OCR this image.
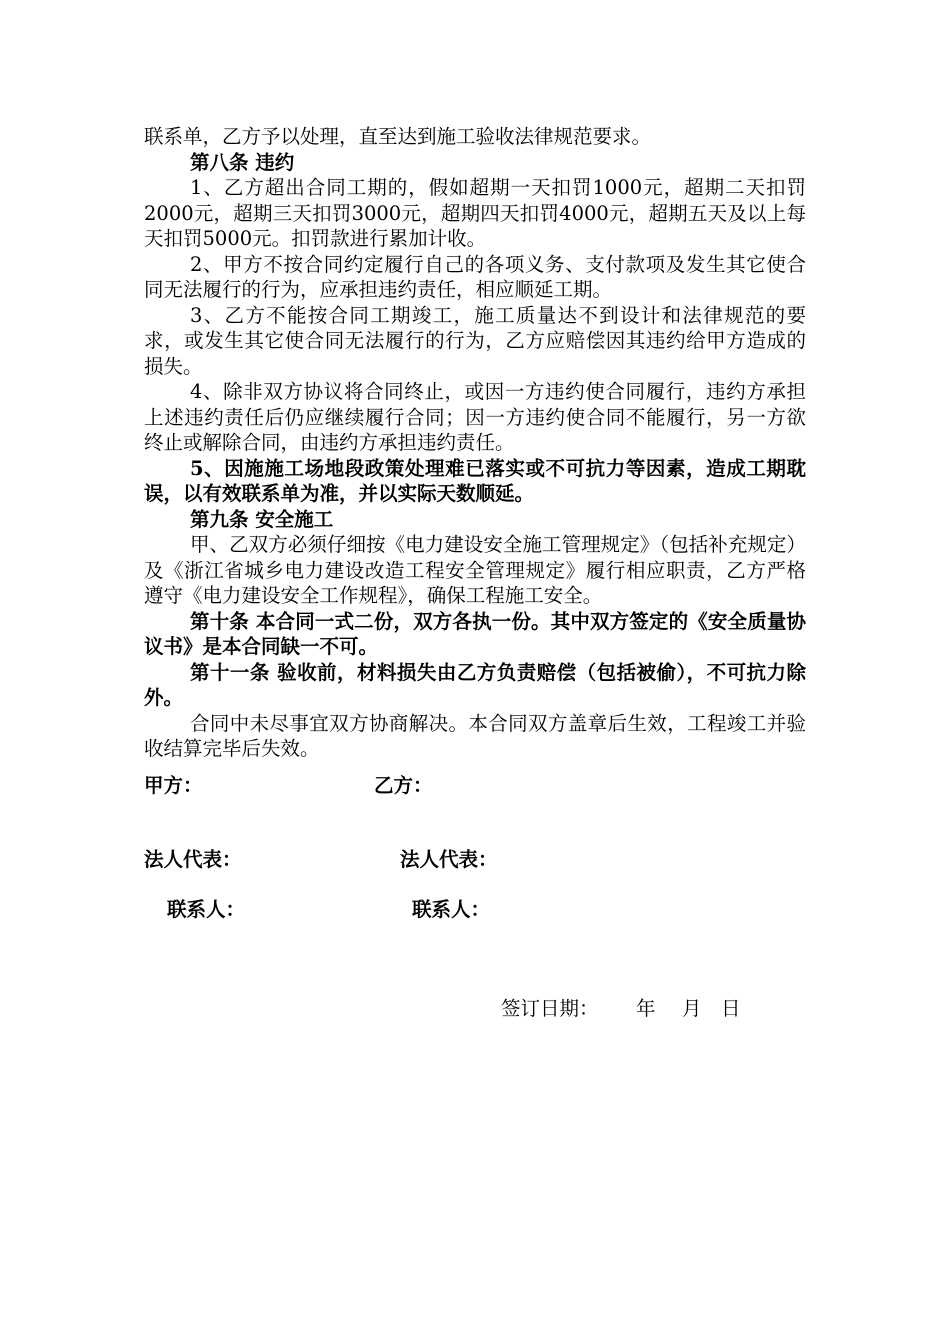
联系单，乙方予以处理，直至达到施工验收法律规范要求。

第八条 违约

1、乙方超出合同工期的，假如超期一天扣罚1000元，超期二天扣罚2000元，超期三天扣罚3000元，超期四天扣罚4000元，超期五天及以上每天扣罚5000元。扣罚款进行累加计收。

2、甲方不按合同约定履行自己的各项义务、支付款项及发生其它使合同无法履行的行为，应承担违约责任，相应顺延工期。

3、乙方不能按合同工期竣工，施工质量达不到设计和法律规范的要求，或发生其它使合同无法履行的行为，乙方应赔偿因其违约给甲方造成的损失。

4、除非双方协议将合同终止，或因一方违约使合同履行，违约方承担上述违约责任后仍应继续履行合同；因一方违约使合同不能履行，另一方欲终止或解除合同，由违约方承担违约责任。

5、因施施工场地段政策处理难已落实或不可抗力等因素，造成工期耽误，以有效联系单为准，并以实际天数顺延。

第九条 安全施工

甲、乙双方必须仔细按《电力建设安全施工管理规定》（包括补充规定）及《浙江省城乡电力建设改造工程安全管理规定》履行相应职责，乙方严格遵守《电力建设安全工作规程》，确保工程施工安全。

第十条 本合同一式二份，双方各执一份。其中双方签定的《安全质量协议书》是本合同缺一不可。

第十一条 验收前，材料损失由乙方负责赔偿（包括被偷），不可抗力除外。

合同中未尽事宜双方协商解决。本合同双方盖章后生效，工程竣工并验收结算完毕后失效。

甲方：	乙方：

法人代表：	法人代表：

联系人：	联系人：

签订日期： 年 月 日
